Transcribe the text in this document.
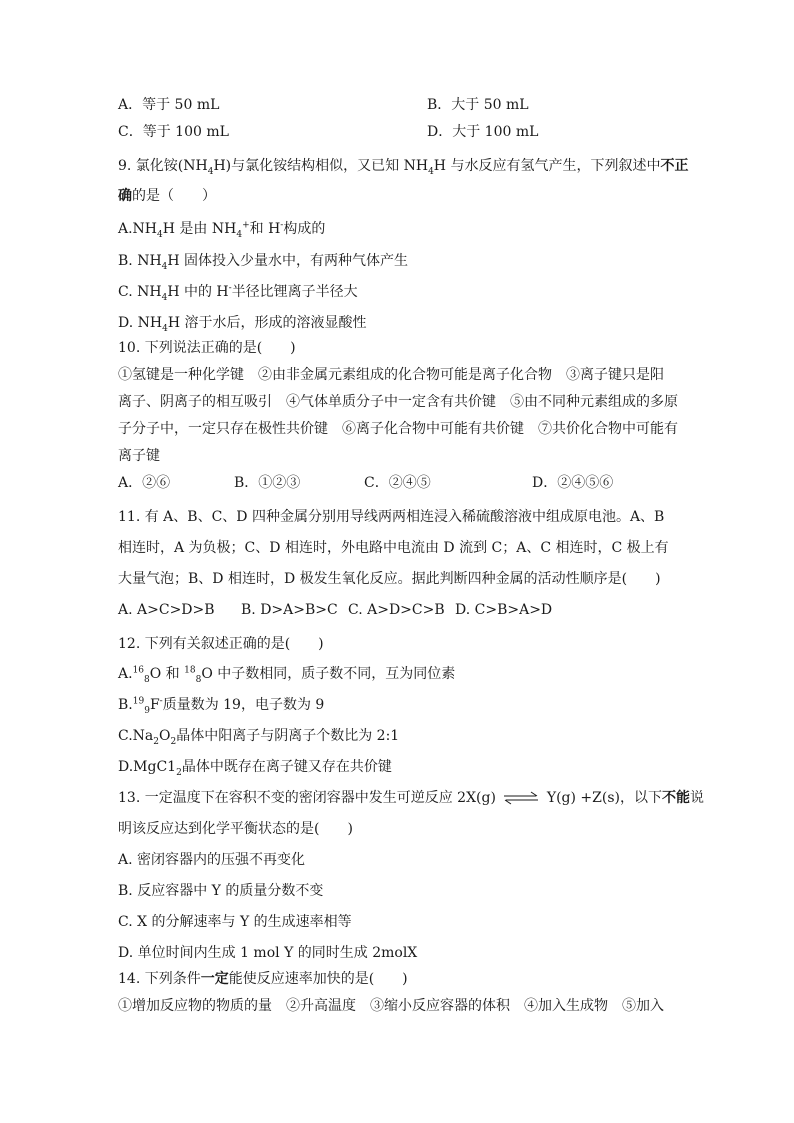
A．等于 50 mL	B．大于 50 mL
C．等于 100 mL	D．大于 100 mL
9. 氯化铵$(NH_4H)$与氯化铵结构相似，又已知 $NH_4H$ 与水反应有氢气产生，下列叙述中不正
确的是（　　）
$A.NH_4H$ 是由 $NH_4^+$和 H-构成的
B. $NH_4H$ 固体投入少量水中，有两种气体产生
C. $NH_4H$ 中的 H-半径比锂离子半径大
D. $NH_4H$ 溶于水后，形成的溶液显酸性
10. 下列说法正确的是(　　)
①氢键是一种化学键　②由非金属元素组成的化合物可能是离子化合物　③离子键只是阳
离子、阴离子的相互吸引　④气体单质分子中一定含有共价键　⑤由不同种元素组成的多原
子分子中，一定只存在极性共价键　⑥离子化合物中可能有共价键　⑦共价化合物中可能有
离子键
A．②⑥	B．①②③	C．②④⑤	D．②④⑤⑥
11. 有 A、B、C、D 四种金属分别用导线两两相连浸入稀硫酸溶液中组成原电池。A、B
相连时，A 为负极；C、D 相连时，外电路中电流由 D 流到 C；A、C 相连时，C 极上有
大量气泡；B、D 相连时，D 极发生氧化反应。据此判断四种金属的活动性顺序是(　　)
A. A>C>D>B B. D>A>B>C C. A>D>C>B D. C>B>A>D
12. 下列有关叙述正确的是(　　)
A.$^{16}_8$O 和 $^{18}_8$O 中子数相同，质子数不同，互为同位素
B.$^{19}_9$F-质量数为 19，电子数为 9
$C.Na_2O_2$晶体中阳离子与阴离子个数比为 2:1
$D.MgC1_2$晶体中既存在离子键又存在共价键
13. 一定温度下在容积不变的密闭容器中发生可逆反应 2X(g) ⇌ Y(g) +Z(s)，以下不能说
明该反应达到化学平衡状态的是(　　)
A. 密闭容器内的压强不再变化
B. 反应容器中 Y 的质量分数不变
C. X 的分解速率与 Y 的生成速率相等
D. 单位时间内生成 1 mol Y 的同时生成 2molX
14. 下列条件一定能使反应速率加快的是(　　)
①增加反应物的物质的量　②升高温度　③缩小反应容器的体积　④加入生成物　⑤加入
